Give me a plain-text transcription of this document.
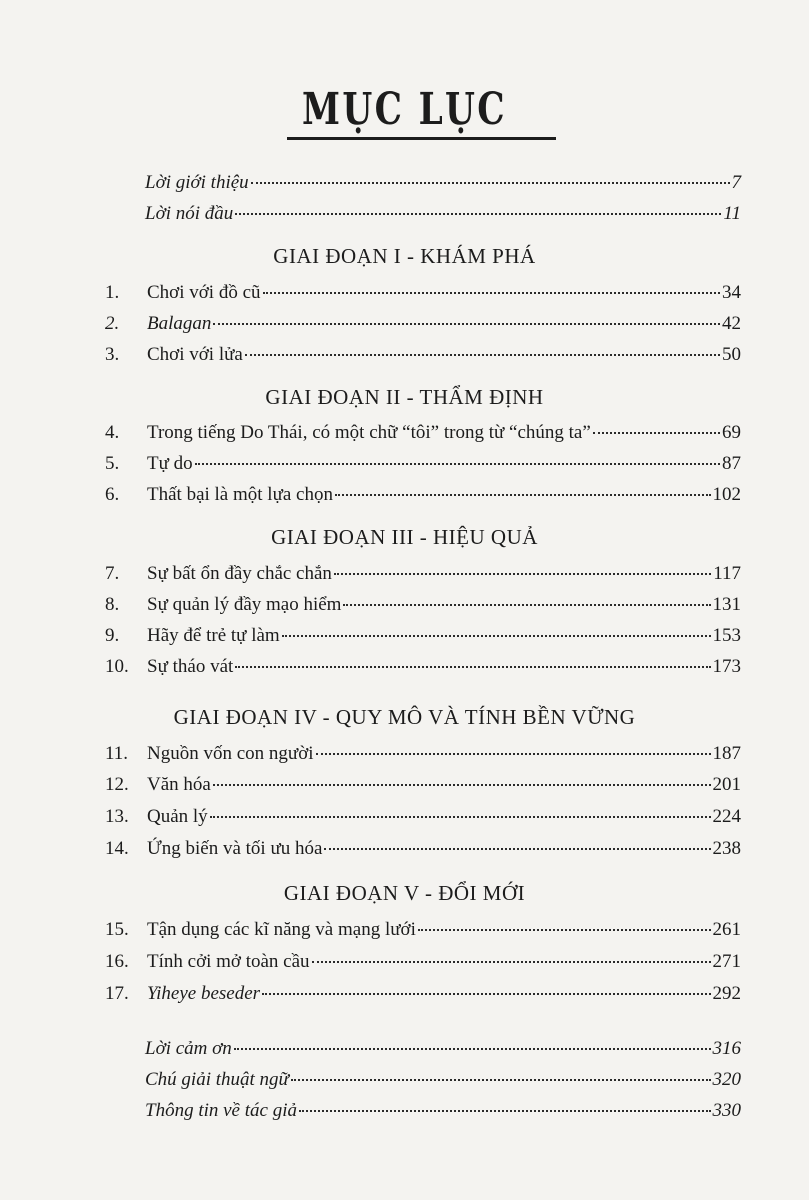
MỤC LỤC
Lời giới thiệu	7
Lời nói đầu	11
GIAI ĐOẠN I - KHÁM PHÁ
1.	Chơi với đồ cũ	34
2.	Balagan	42
3.	Chơi với lửa	50
GIAI ĐOẠN II - THẨM ĐỊNH
4.	Trong tiếng Do Thái, có một chữ “tôi” trong từ “chúng ta”	69
5.	Tự do	87
6.	Thất bại là một lựa chọn	102
GIAI ĐOẠN III - HIỆU QUẢ
7.	Sự bất ổn đầy chắc chắn	117
8.	Sự quản lý đầy mạo hiểm	131
9.	Hãy để trẻ tự làm	153
10. Sự tháo vát	173
GIAI ĐOẠN IV - QUY MÔ VÀ TÍNH BỀN VỮNG
11. Nguồn vốn con người	187
12. Văn hóa	201
13. Quản lý	224
14. Ứng biến và tối ưu hóa	238
GIAI ĐOẠN V - ĐỔI MỚI
15. Tận dụng các kĩ năng và mạng lưới	261
16. Tính cởi mở toàn cầu	271
17. Yiheye beseder	292
Lời cảm ơn	316
Chú giải thuật ngữ	320
Thông tin về tác giả	330
